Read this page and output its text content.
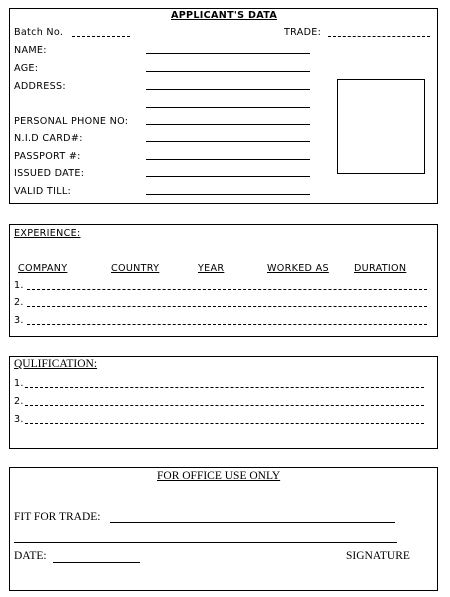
APPLICANT'S DATA
Batch No.	TRADE:
NAME:
AGE:
ADDRESS:
PERSONAL PHONE NO:
N.I.D CARD#:
PASSPORT #:
ISSUED DATE:
VALID TILL:
EXPERIENCE:
COMPANY	COUNTRY	YEAR	WORKED AS	DURATION
1.
2.
3.
QULIFICATION:
1.
2.
3.
FOR OFFICE USE ONLY
FIT FOR TRADE:
DATE:	SIGNATURE
